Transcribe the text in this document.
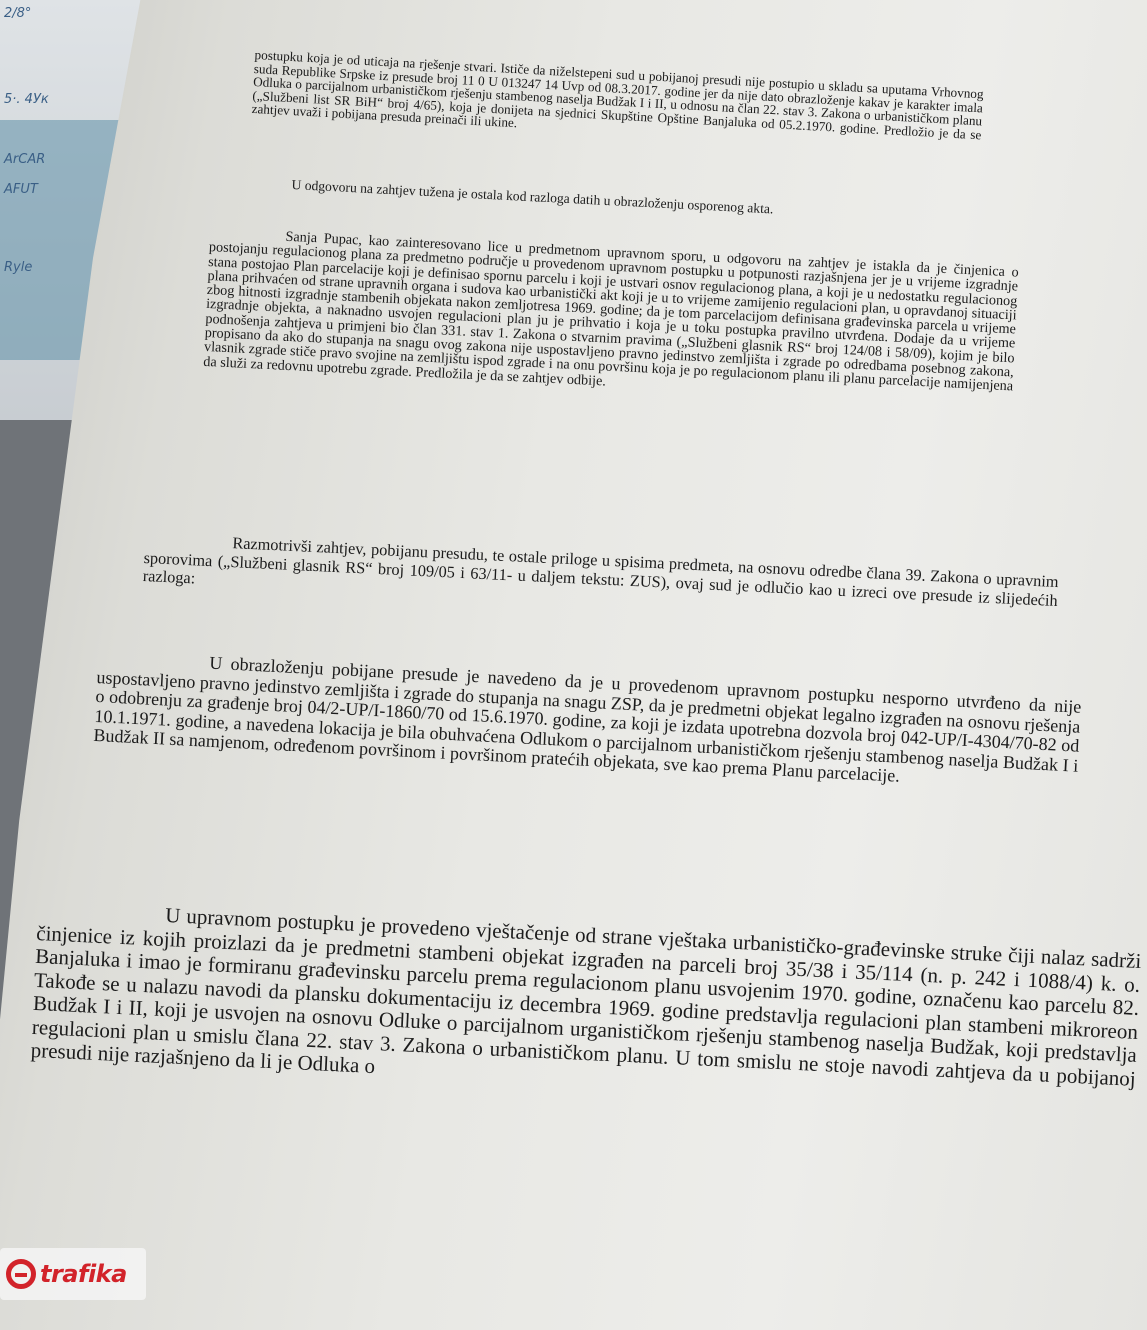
2/8°
5·. 4Ук
ArCAR
AFUT
Ryle

postupku koja je od uticaja na rješenje stvari. Ističe da niželstepeni sud u pobijanoj presudi nije postupio u skladu sa uputama Vrhovnog suda Republike Srpske iz presude broj 11 0 U 013247 14 Uvp od 08.3.2017. godine jer da nije dato obrazloženje kakav je karakter imala Odluka o parcijalnom urbanističkom rješenju stambenog naselja Budžak I i II, u odnosu na član 22. stav 3. Zakona o urbanističkom planu („Službeni list SR BiH“ broj 4/65), koja je donijeta na sjednici Skupštine Opštine Banjaluka od 05.2.1970. godine. Predložio je da se zahtjev uvaži i pobijana presuda preinači ili ukine.

U odgovoru na zahtjev tužena je ostala kod razloga datih u obrazloženju osporenog akta.

Sanja Pupac, kao zainteresovano lice u predmetnom upravnom sporu, u odgovoru na zahtjev je istakla da je činjenica o postojanju regulacionog plana za predmetno područje u provedenom upravnom postupku u potpunosti razjašnjena jer je u vrijeme izgradnje stana postojao Plan parcelacije koji je definisao spornu parcelu i koji je ustvari osnov regulacionog plana, a koji je u nedostatku regulacionog plana prihvaćen od strane upravnih organa i sudova kao urbanistički akt koji je u to vrijeme zamijenio regulacioni plan, u opravdanoj situaciji zbog hitnosti izgradnje stambenih objekata nakon zemljotresa 1969. godine; da je tom parcelacijom definisana građevinska parcela u vrijeme izgradnje objekta, a naknadno usvojen regulacioni plan ju je prihvatio i koja je u toku postupka pravilno utvrđena. Dodaje da u vrijeme podnošenja zahtjeva u primjeni bio član 331. stav 1. Zakona o stvarnim pravima („Službeni glasnik RS“ broj 124/08 i 58/09), kojim je bilo propisano da ako do stupanja na snagu ovog zakona nije uspostavljeno pravno jedinstvo zemljišta i zgrade po odredbama posebnog zakona, vlasnik zgrade stiče pravo svojine na zemljištu ispod zgrade i na onu površinu koja je po regulacionom planu ili planu parcelacije namijenjena da služi za redovnu upotrebu zgrade. Predložila je da se zahtjev odbije.

Razmotrivši zahtjev, pobijanu presudu, te ostale priloge u spisima predmeta, na osnovu odredbe člana 39. Zakona o upravnim sporovima („Službeni glasnik RS“ broj 109/05 i 63/11- u daljem tekstu: ZUS), ovaj sud je odlučio kao u izreci ove presude iz slijedećih razloga:

U obrazloženju pobijane presude je navedeno da je u provedenom upravnom postupku nesporno utvrđeno da nije uspostavljeno pravno jedinstvo zemljišta i zgrade do stupanja na snagu ZSP, da je predmetni objekat legalno izgrađen na osnovu rješenja o odobrenju za građenje broj 04/2-UP/I-1860/70 od 15.6.1970. godine, za koji je izdata upotrebna dozvola broj 042-UP/I-4304/70-82 od 10.1.1971. godine, a navedena lokacija je bila obuhvaćena Odlukom o parcijalnom urbanističkom rješenju stambenog naselja Budžak I i Budžak II sa namjenom, određenom površinom i površinom pratećih objekata, sve kao prema Planu parcelacije.

U upravnom postupku je provedeno vještačenje od strane vještaka urbanističko-građevinske struke čiji nalaz sadrži činjenice iz kojih proizlazi da je predmetni stambeni objekat izgrađen na parceli broj 35/38 i 35/114 (n. p. 242 i 1088/4) k. o. Banjaluka i imao je formiranu građevinsku parcelu prema regulacionom planu usvojenim 1970. godine, označenu kao parcelu 82. Takođe se u nalazu navodi da plansku dokumentaciju iz decembra 1969. godine predstavlja regulacioni plan stambeni mikroreon Budžak I i II, koji je usvojen na osnovu Odluke o parcijalnom urganističkom rješenju stambenog naselja Budžak, koji predstavlja regulacioni plan u smislu člana 22. stav 3. Zakona o urbanističkom planu. U tom smislu ne stoje navodi zahtjeva da u pobijanoj presudi nije razjašnjeno da li je Odluka o

trafika
